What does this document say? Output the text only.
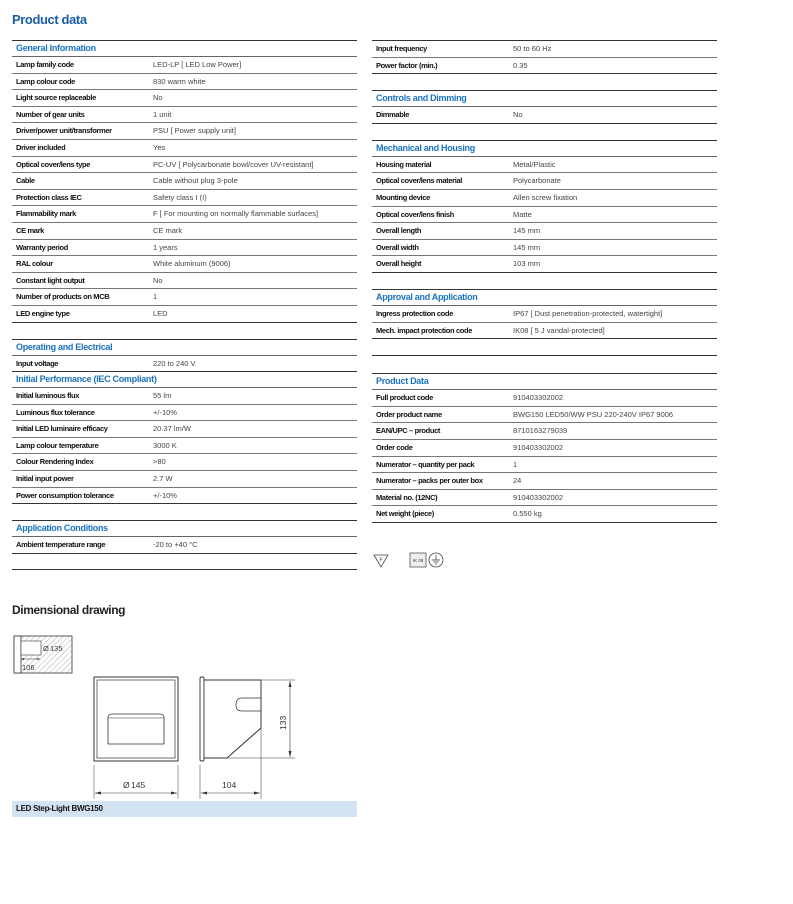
Product data
General Information
Lamp family code	LED-LP [ LED Low Power]
Lamp colour code	830 warm white
Light source replaceable	No
Number of gear units	1 unit
Driver/power unit/transformer	PSU [ Power supply unit]
Driver included	Yes
Optical cover/lens type	PC-UV [ Polycarbonate bowl/cover UV-resistant]
Cable	Cable without plug 3-pole
Protection class IEC	Safety class I (I)
Flammability mark	F [ For mounting on normally flammable surfaces]
CE mark	CE mark
Warranty period	1 years
RAL colour	White aluminum (9006)
Constant light output	No
Number of products on MCB	1
LED engine type	LED
Operating and Electrical
Input voltage	220 to 240 V
Initial Performance (IEC Compliant)
Initial luminous flux	55 lm
Luminous flux tolerance	+/-10%
Initial LED luminaire efficacy	20.37 lm/W
Lamp colour temperature	3000 K
Colour Rendering Index	>80
Initial input power	2.7 W
Power consumption tolerance	+/-10%
Application Conditions
Ambient temperature range	-20 to +40 °C
Input frequency	50 to 60 Hz
Power factor (min.)	0.35
Controls and Dimming
Dimmable	No
Mechanical and Housing
Housing material	Metal/Plastic
Optical cover/lens material	Polycarbonate
Mounting device	Allen screw fixation
Optical cover/lens finish	Matte
Overall length	145 mm
Overall width	145 mm
Overall height	103 mm
Approval and Application
Ingress protection code	IP67 [ Dust penetration-protected, watertight]
Mech. impact protection code	IK08 [ 5 J vandal-protected]
Product Data
Full product code	910403302002
Order product name	BWG150 LED50/WW PSU 220-240V IP67 9006
EAN/UPC – product	8710163279039
Order code	910403302002
Numerator – quantity per pack	1
Numerator – packs per outer box	24
Material no. (12NC)	910403302002
Net weight (piece)	0.550 kg
F	IK 08
Dimensional drawing
Ø 135
106
Ø 145
133
104
LED Step-Light BWG150
